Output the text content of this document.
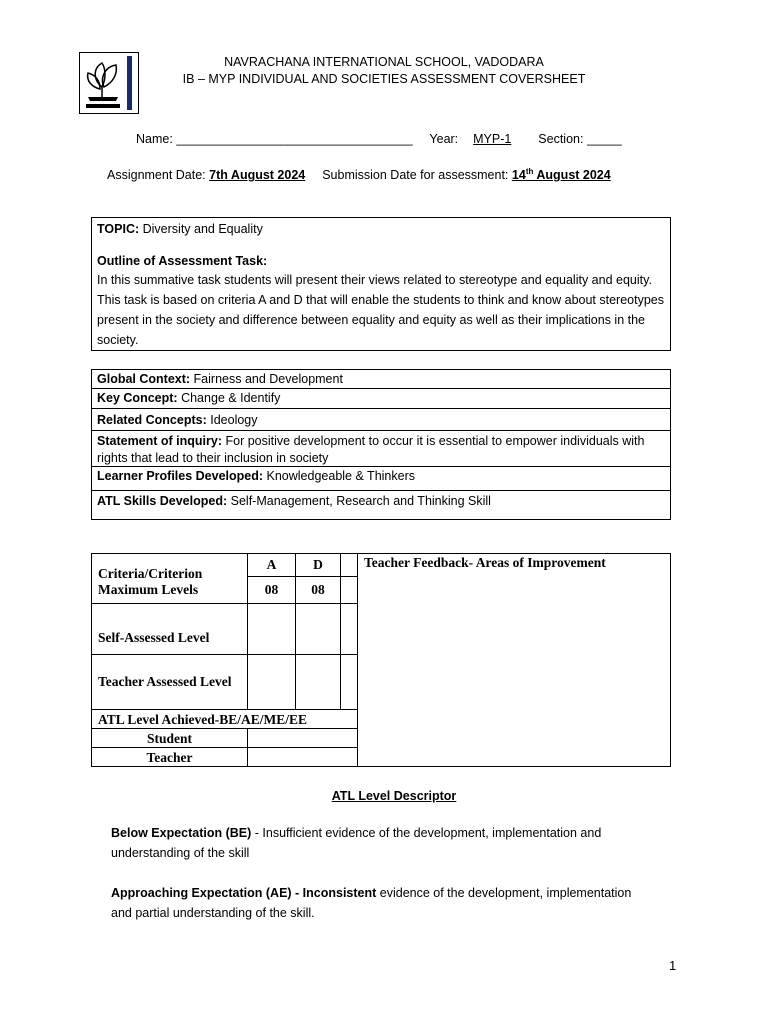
NAVRACHANA INTERNATIONAL SCHOOL, VADODARA
IB – MYP INDIVIDUAL AND SOCIETIES ASSESSMENT COVERSHEET
Name: __________________________________ Year: MYP-1 Section: _____
Assignment Date: 7th August 2024 Submission Date for assessment: 14th August 2024
TOPIC: Diversity and Equality
Outline of Assessment Task:
In this summative task students will present their views related to stereotype and equality and equity. This task is based on criteria A and D that will enable the students to think and know about stereotypes present in the society and difference between equality and equity as well as their implications in the society.
Global Context: Fairness and Development
Key Concept: Change & Identify
Related Concepts: Ideology
Statement of inquiry: For positive development to occur it is essential to empower individuals with rights that lead to their inclusion in society
Learner Profiles Developed: Knowledgeable & Thinkers
ATL Skills Developed: Self-Management, Research and Thinking Skill
Criteria/Criterion Maximum Levels	A	D		Teacher Feedback- Areas of Improvement
	08	08		
Self-Assessed Level				
Teacher Assessed Level				
ATL Level Achieved-BE/AE/ME/EE				
Student				
Teacher				
ATL Level Descriptor

Below Expectation (BE) - Insufficient evidence of the development, implementation and understanding of the skill

Approaching Expectation (AE) - Inconsistent evidence of the development, implementation and partial understanding of the skill.

1
